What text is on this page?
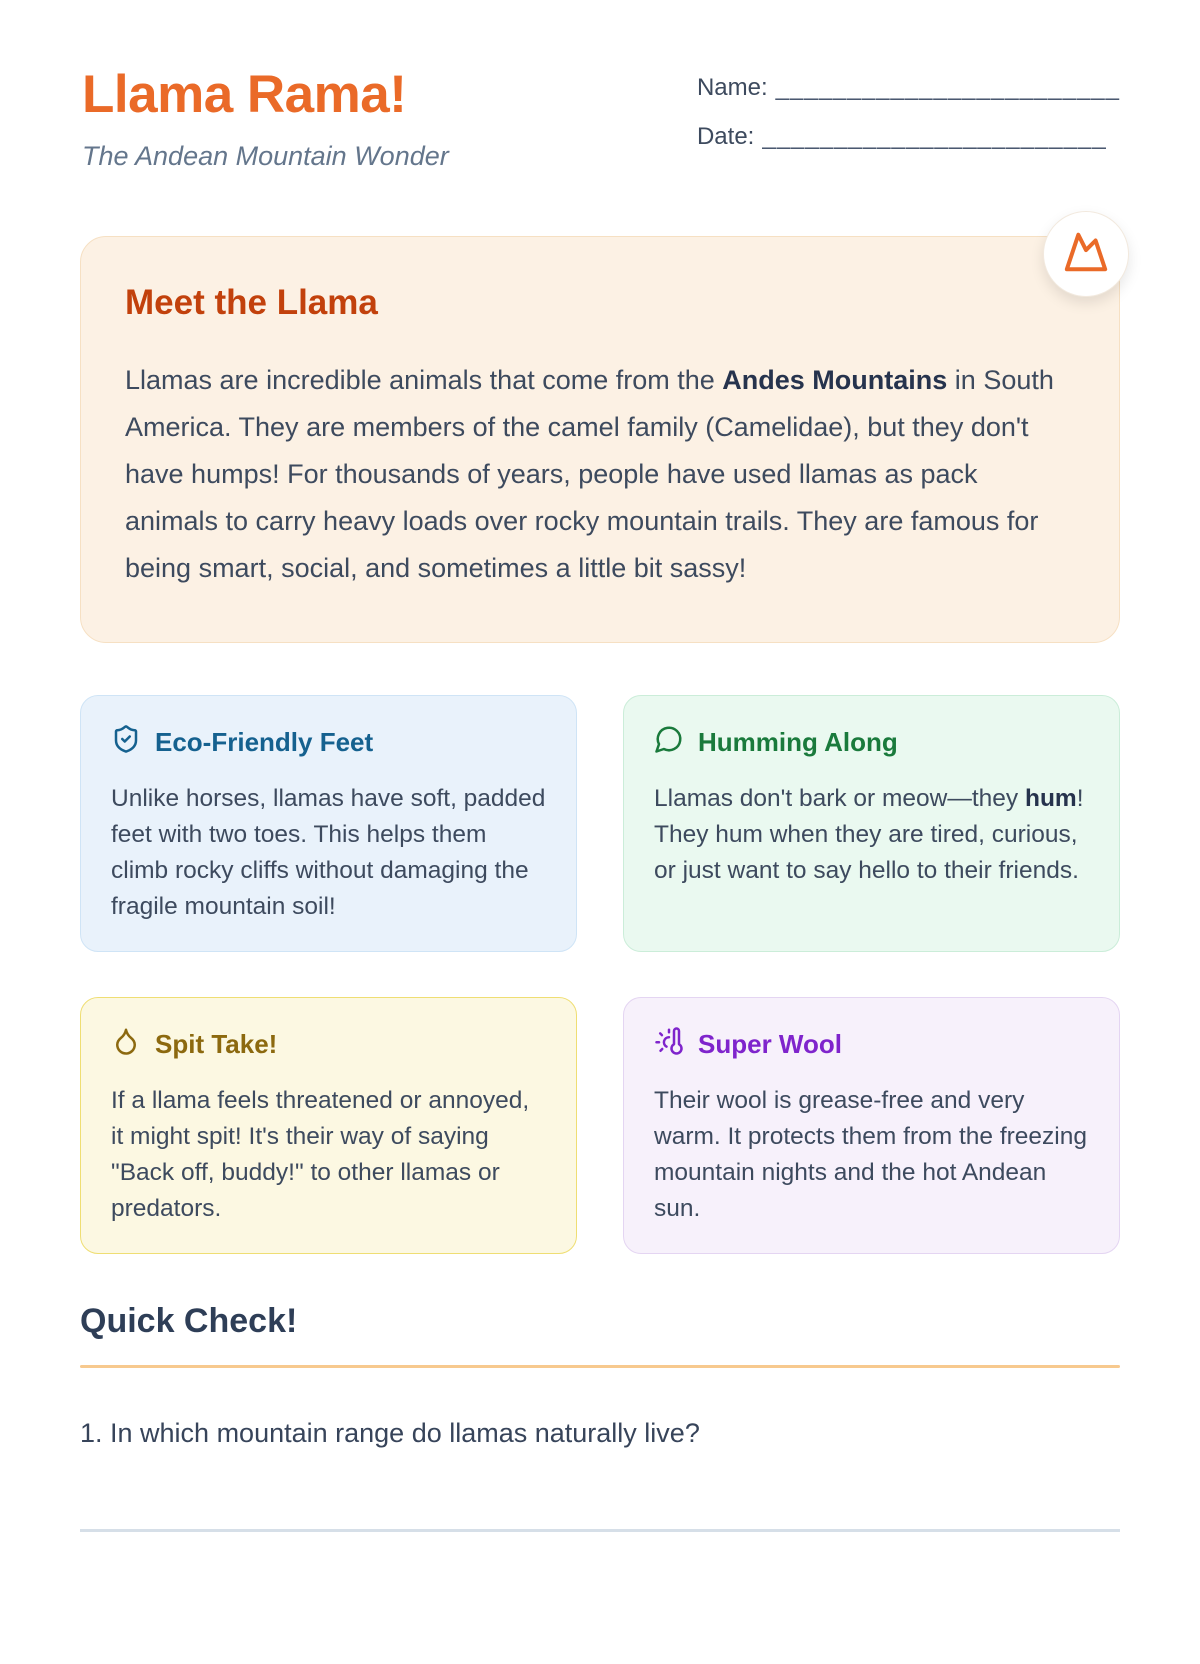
Llama Rama!
The Andean Mountain Wonder
Name: ________________________
Date: ________________________
Meet the Llama

Llamas are incredible animals that come from the Andes Mountains in South America. They are members of the camel family (Camelidae), but they don't have humps! For thousands of years, people have used llamas as pack animals to carry heavy loads over rocky mountain trails. They are famous for being smart, social, and sometimes a little bit sassy!

Eco-Friendly Feet

Unlike horses, llamas have soft, padded feet with two toes. This helps them climb rocky cliffs without damaging the fragile mountain soil!

Humming Along

Llamas don't bark or meow—they hum! They hum when they are tired, curious, or just want to say hello to their friends.

Spit Take!

If a llama feels threatened or annoyed, it might spit! It's their way of saying "Back off, buddy!" to other llamas or predators.

Super Wool

Their wool is grease-free and very warm. It protects them from the freezing mountain nights and the hot Andean sun.

Quick Check!

1. In which mountain range do llamas naturally live?
